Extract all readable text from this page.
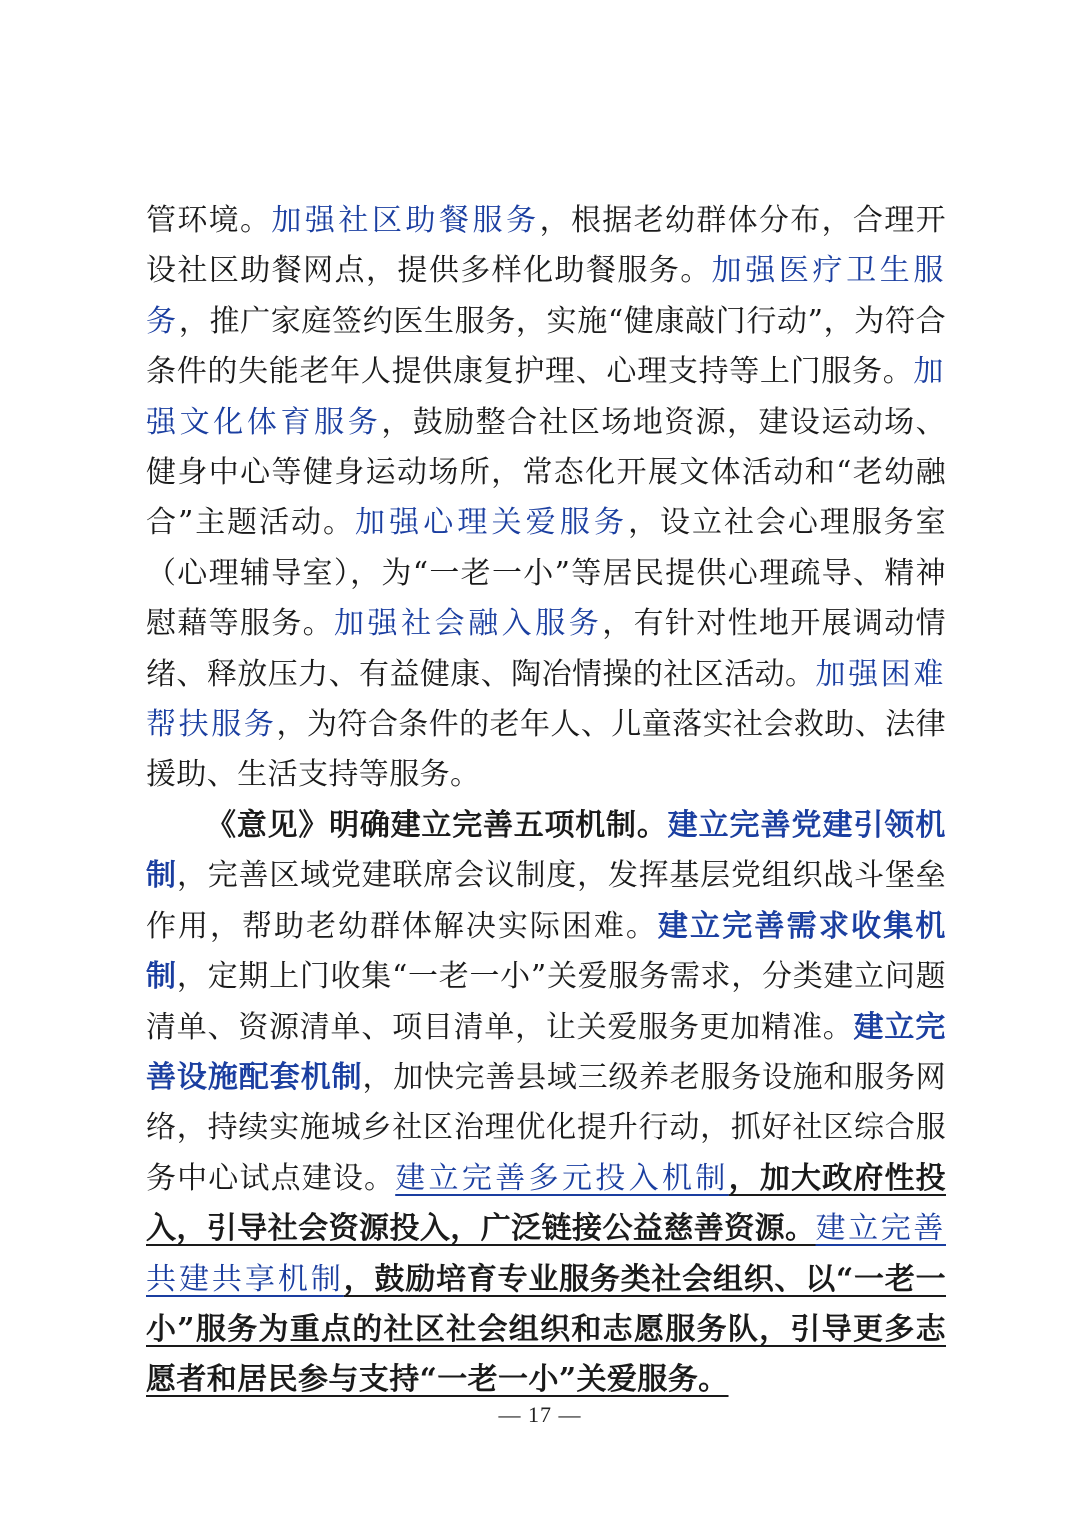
管环境。加强社区助餐服务，根据老幼群体分布，合理开设社区助餐网点，提供多样化助餐服务。加强医疗卫生服务，推广家庭签约医生服务，实施“健康敲门行动”，为符合条件的失能老年人提供康复护理、心理支持等上门服务。加强文化体育服务，鼓励整合社区场地资源，建设运动场、健身中心等健身运动场所，常态化开展文体活动和“老幼融合”主题活动。加强心理关爱服务，设立社会心理服务室（心理辅导室），为“一老一小”等居民提供心理疏导、精神慰藉等服务。加强社会融入服务，有针对性地开展调动情绪、释放压力、有益健康、陶冶情操的社区活动。加强困难帮扶服务，为符合条件的老年人、儿童落实社会救助、法律援助、生活支持等服务。

《意见》明确建立完善五项机制。建立完善党建引领机制，完善区域党建联席会议制度，发挥基层党组织战斗堡垒作用，帮助老幼群体解决实际困难。建立完善需求收集机制，定期上门收集“一老一小”关爱服务需求，分类建立问题清单、资源清单、项目清单，让关爱服务更加精准。建立完善设施配套机制，加快完善县域三级养老服务设施和服务网络，持续实施城乡社区治理优化提升行动，抓好社区综合服务中心试点建设。建立完善多元投入机制，加大政府性投入，引导社会资源投入，广泛链接公益慈善资源。建立完善共建共享机制，鼓励培育专业服务类社会组织、以“一老一小”服务为重点的社区社会组织和志愿服务队，引导更多志愿者和居民参与支持“一老一小”关爱服务。

— 17 —
